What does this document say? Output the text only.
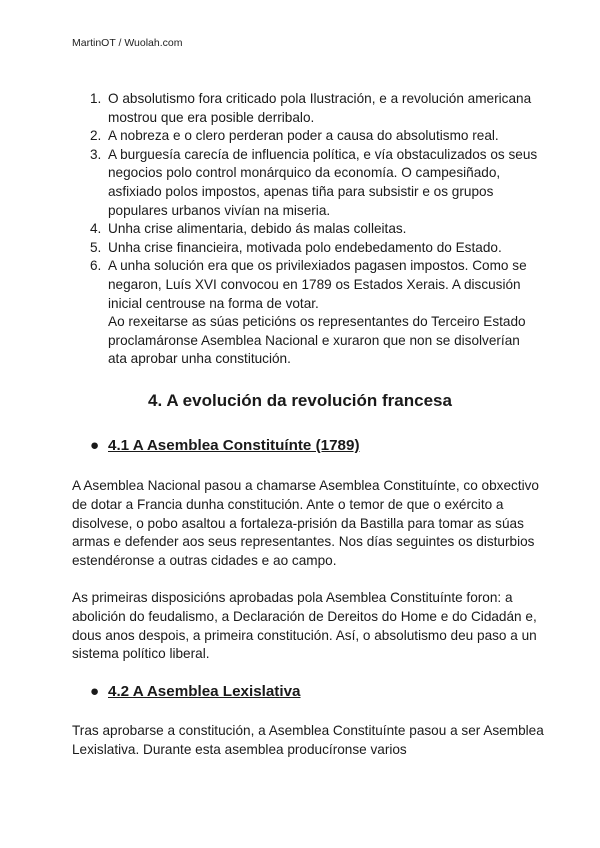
MartinOT / Wuolah.com
1. O absolutismo fora criticado pola Ilustración, e a revolución americana mostrou que era posible derribalo.
2. A nobreza e o clero perderan poder a causa do absolutismo real.
3. A burguesía carecía de influencia política, e vía obstaculizados os seus negocios polo control monárquico da economía. O campesiñado, asfixiado polos impostos, apenas tiña para subsistir e os grupos populares urbanos vivían na miseria.
4. Unha crise alimentaria, debido ás malas colleitas.
5. Unha crise financieira, motivada polo endebedamento do Estado.
6. A unha solución era que os privilexiados pagasen impostos. Como se negaron, Luís XVI convocou en 1789 os Estados Xerais. A discusión inicial centrouse na forma de votar.
Ao rexeitarse as súas peticións os representantes do Terceiro Estado proclamáronse Asemblea Nacional e xuraron que non se disolverían ata aprobar unha constitución.
4. A evolución da revolución francesa
● 4.1 A Asemblea Constituínte (1789)

A Asemblea Nacional pasou a chamarse Asemblea Constituínte, co obxectivo de dotar a Francia dunha constitución. Ante o temor de que o exército a disolvese, o pobo asaltou a fortaleza-prisión da Bastilla para tomar as súas armas e defender aos seus representantes. Nos días seguintes os disturbios estendéronse a outras cidades e ao campo.

As primeiras disposicións aprobadas pola Asemblea Constituínte foron: a abolición do feudalismo, a Declaración de Dereitos do Home e do Cidadán e, dous anos despois, a primeira constitución. Así, o absolutismo deu paso a un sistema político liberal.

● 4.2 A Asemblea Lexislativa

Tras aprobarse a constitución, a Asemblea Constituínte pasou a ser Asemblea Lexislativa. Durante esta asemblea producíronse varios
